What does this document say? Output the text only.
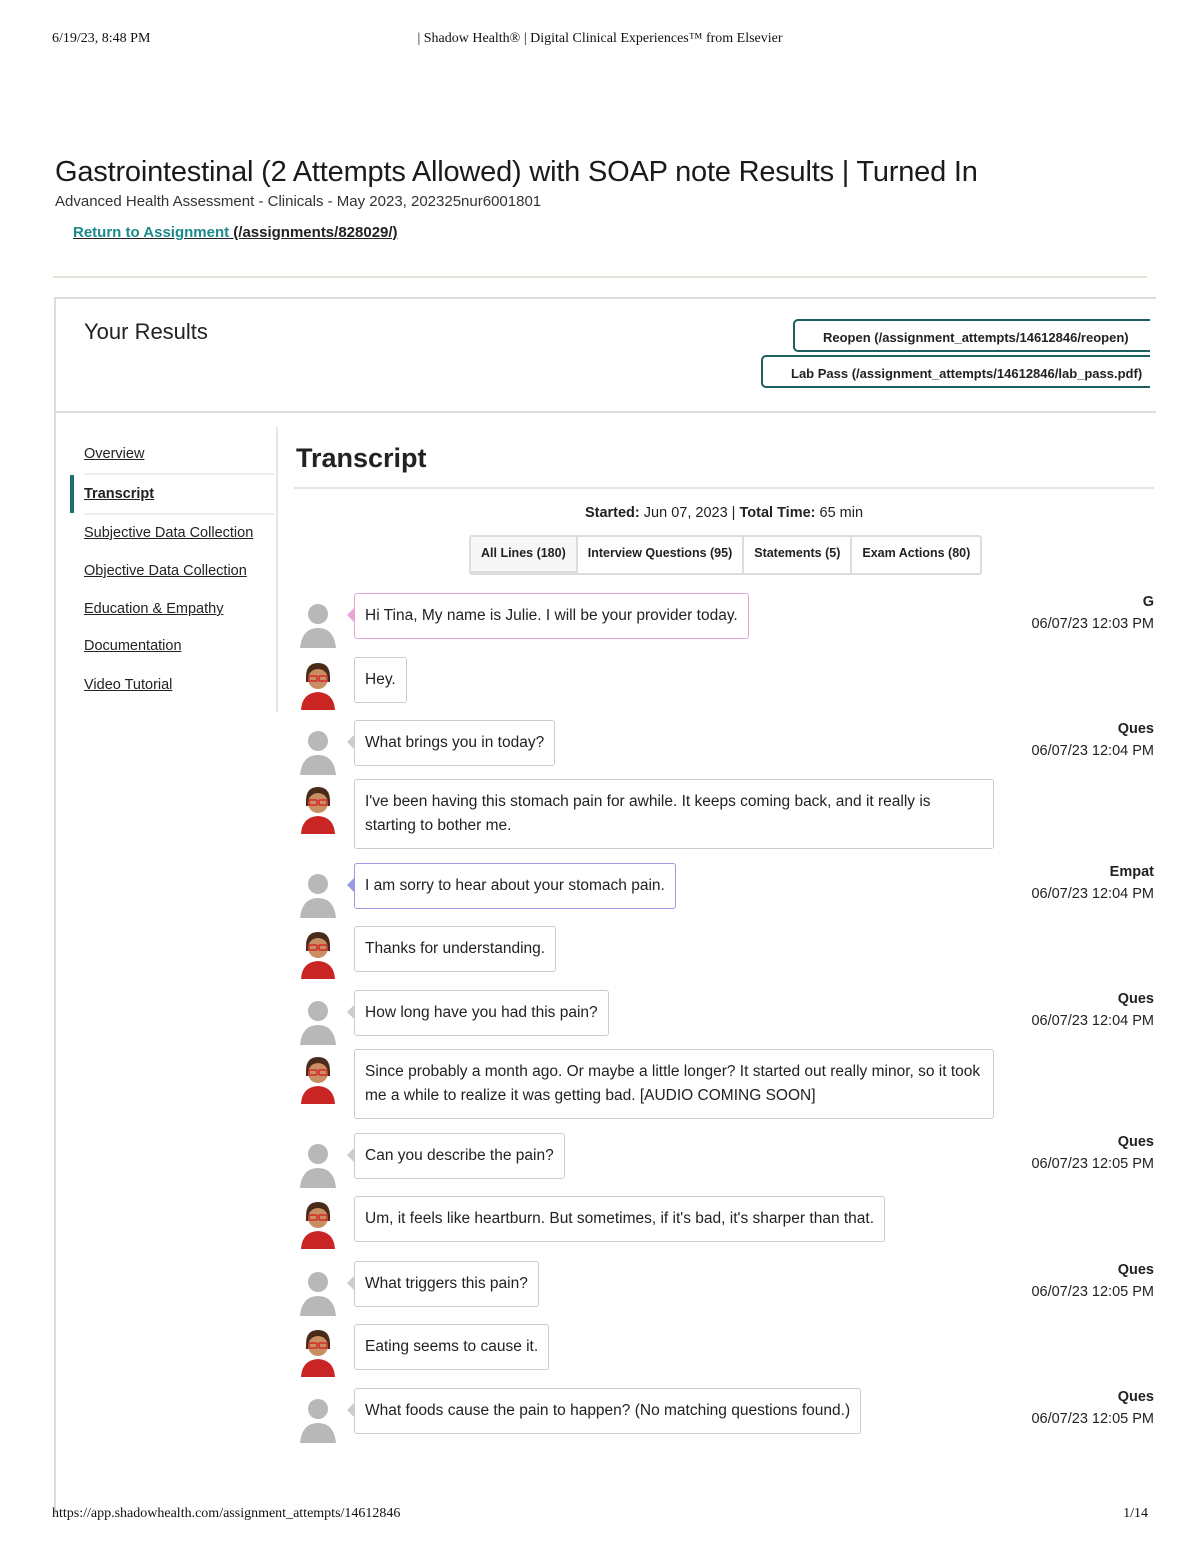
6/19/23, 8:48 PM	| Shadow Health® | Digital Clinical Experiences™ from Elsevier
Gastrointestinal (2 Attempts Allowed) with SOAP note Results | Turned In
Advanced Health Assessment - Clinicals - May 2023, 202325nur6001801
Return to Assignment (/assignments/828029/)
Your Results	Reopen (/assignment_attempts/14612846/reopen)
Lab Pass (/assignment_attempts/14612846/lab_pass.pdf)
Overview
Transcript
Subjective Data Collection
Objective Data Collection
Education & Empathy
Documentation
Video Tutorial
Transcript
Started: Jun 07, 2023 | Total Time: 65 min
All Lines (180)	Interview Questions (95)	Statements (5)	Exam Actions (80)
Hi Tina, My name is Julie. I will be your provider today.
G
06/07/23 12:03 PM
Hey.
What brings you in today?
Ques
06/07/23 12:04 PM
I've been having this stomach pain for awhile. It keeps coming back, and it really is starting to bother me.
I am sorry to hear about your stomach pain.
Empat
06/07/23 12:04 PM
Thanks for understanding.
How long have you had this pain?
Ques
06/07/23 12:04 PM
Since probably a month ago. Or maybe a little longer? It started out really minor, so it took me a while to realize it was getting bad. [AUDIO COMING SOON]
Can you describe the pain?
Ques
06/07/23 12:05 PM
Um, it feels like heartburn. But sometimes, if it's bad, it's sharper than that.
What triggers this pain?
Ques
06/07/23 12:05 PM
Eating seems to cause it.
What foods cause the pain to happen? (No matching questions found.)
Ques
06/07/23 12:05 PM
https://app.shadowhealth.com/assignment_attempts/14612846	1/14
